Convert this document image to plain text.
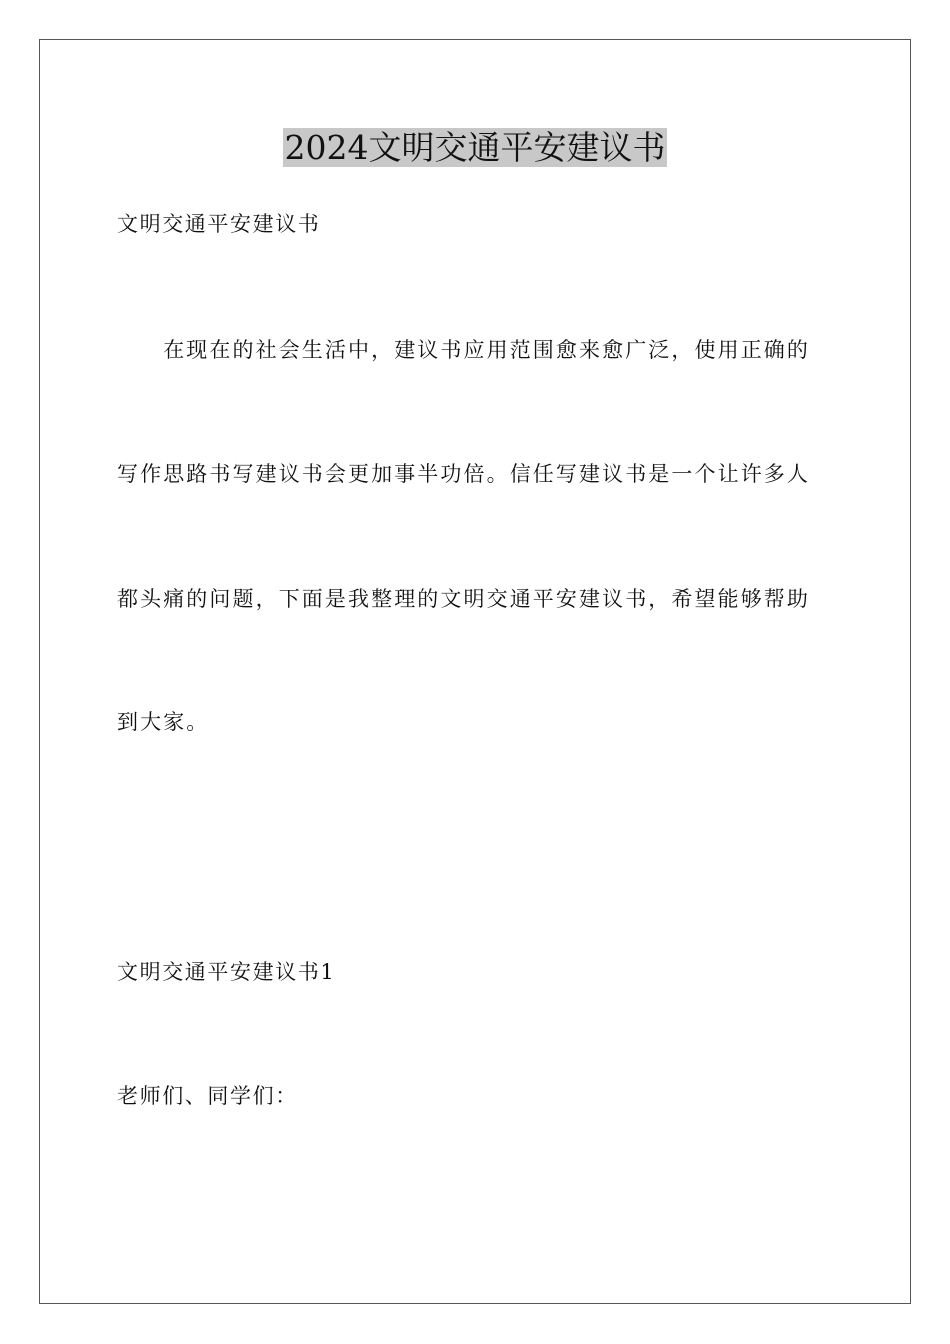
2024文明交通平安建议书
文明交通平安建议书
　　在现在的社会生活中，建议书应用范围愈来愈广泛，使用正确的
写作思路书写建议书会更加事半功倍。信任写建议书是一个让许多人
都头痛的问题，下面是我整理的文明交通平安建议书，希望能够帮助
到大家。
文明交通平安建议书1
老师们、同学们：
